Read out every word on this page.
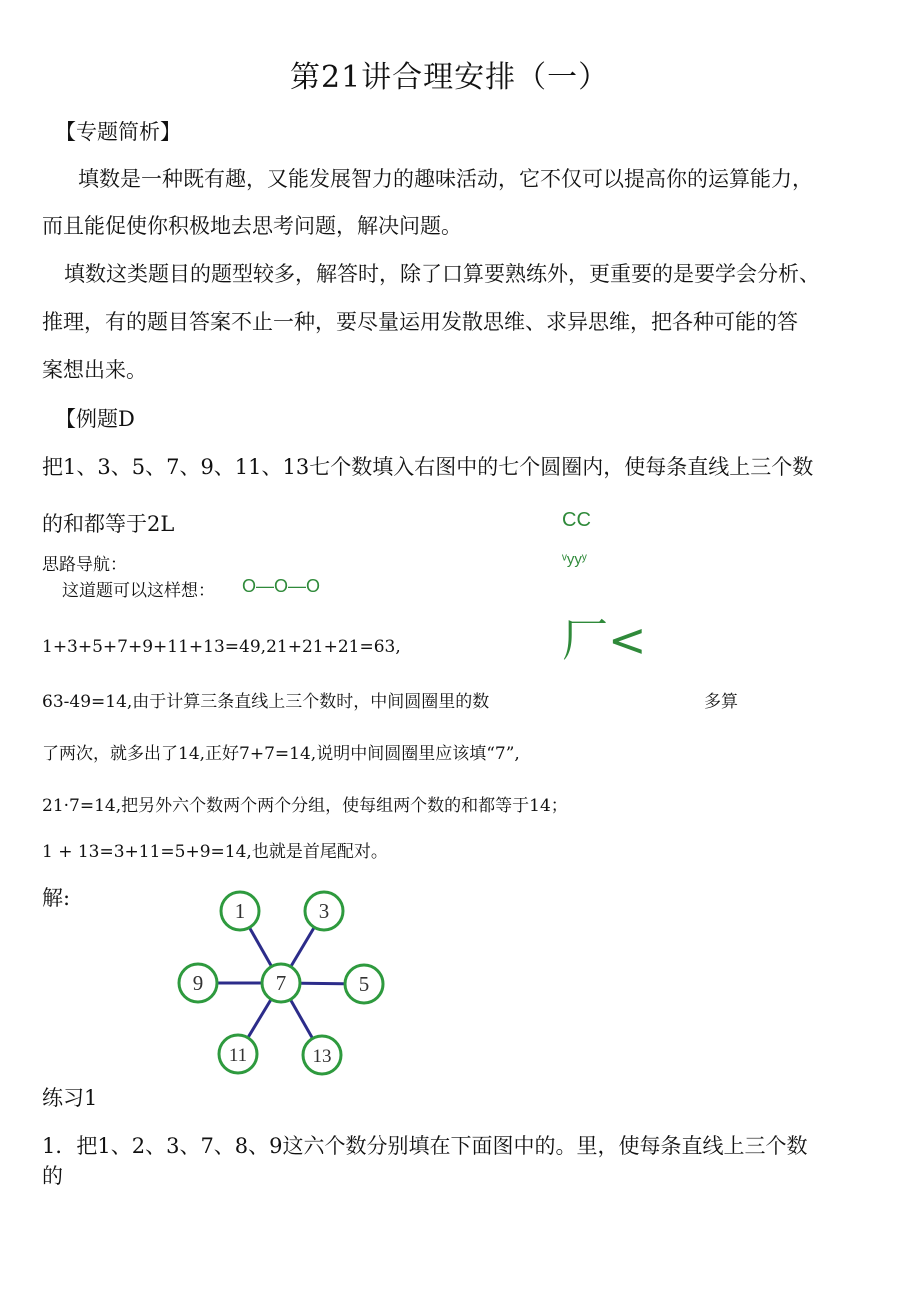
第21讲合理安排（一）
【专题简析】
填数是一种既有趣，又能发展智力的趣味活动，它不仅可以提高你的运算能力，
而且能促使你积极地去思考问题，解决问题。
填数这类题目的题型较多，解答时，除了口算要熟练外，更重要的是要学会分析、
推理，有的题目答案不止一种，要尽量运用发散思维、求异思维，把各种可能的答
案想出来。
【例题D
把1、3、5、7、9、11、13七个数填入右图中的七个圆圈内，使每条直线上三个数
的和都等于2L	CC
ᵛyyʸ
厂<
思路导航：
这道题可以这样想： O—O—O
1+3+5+7+9+11+13=49,21+21+21=63,
63-49=14,由于计算三条直线上三个数时，中间圆圈里的数	多算
了两次，就多出了14,正好7+7=14,说明中间圆圈里应该填“7”,
21·7=14,把另外六个数两个两个分组，使每组两个数的和都等于14；
1 + 13=3+11=5+9=14,也就是首尾配对。
解:
1	3
5
13
11
9	7
练习1
1．把1、2、3、7、8、9这六个数分别填在下面图中的。里，使每条直线上三个数
的
